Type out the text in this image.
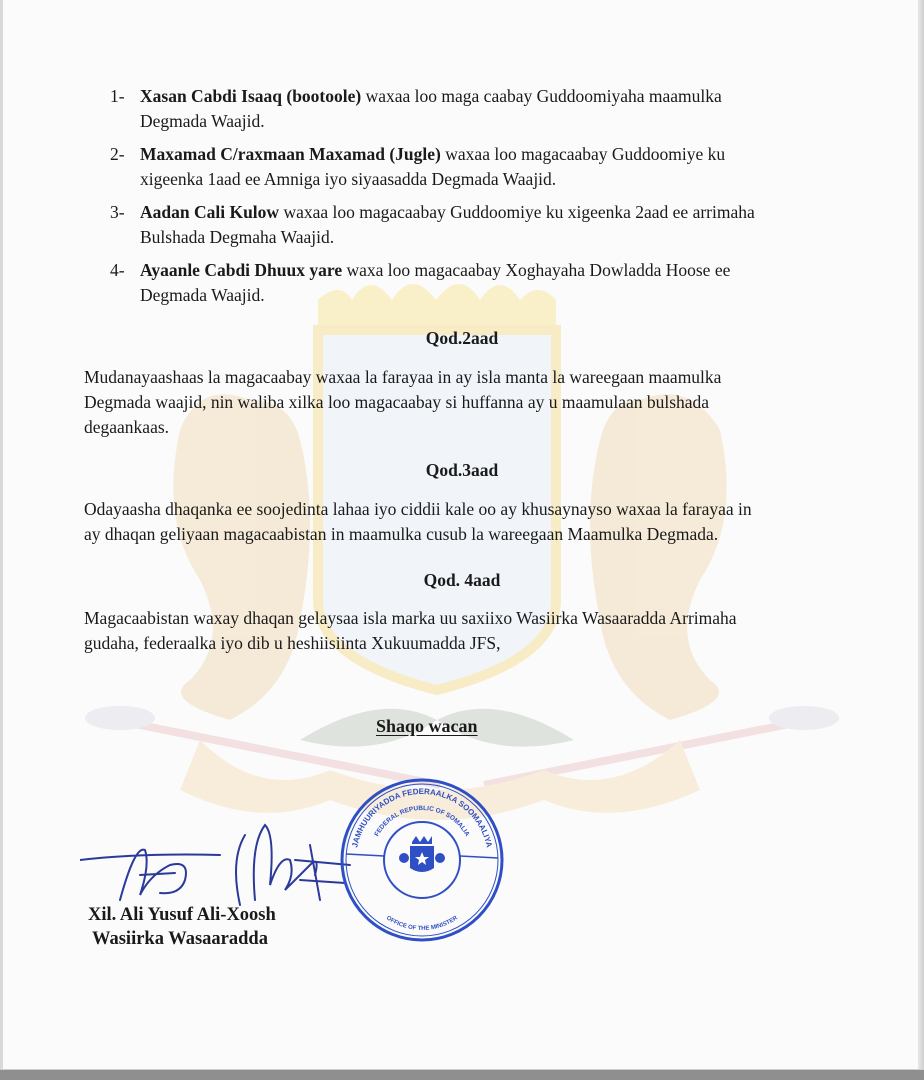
1- Xasan Cabdi Isaaq (bootoole) waxaa loo maga caabay Guddoomiyaha maamulka
Degmada Waajid.
2- Maxamad C/raxmaan Maxamad (Jugle) waxaa loo magacaabay Guddoomiye ku
xigeenka 1aad ee Amniga iyo siyaasadda Degmada Waajid.
3- Aadan Cali Kulow waxaa loo magacaabay Guddoomiye ku xigeenka 2aad ee arrimaha
Bulshada Degmaha Waajid.
4- Ayaanle Cabdi Dhuux yare waxa loo magacaabay Xoghayaha Dowladda Hoose ee
Degmada Waajid.
Qod.2aad
Mudanayaashaas la magacaabay waxaa la farayaa in ay isla manta la wareegaan maamulka
Degmada waajid, nin waliba xilka loo magacaabay si huffanna ay u maamulaan bulshada
degaankaas.
Qod.3aad
Odayaasha dhaqanka ee soojedinta lahaa iyo ciddii kale oo ay khusaynayso waxaa la farayaa in
ay dhaqan geliyaan magacaabistan in maamulka cusub la wareegaan Maamulka Degmada.
Qod. 4aad
Magacaabistan waxay dhaqan gelaysaa isla marka uu saxiixo Wasiirka Wasaaradda Arrimaha
gudaha, federaalka iyo dib u heshiisiinta Xukuumadda JFS,
Shaqo wacan
JAMHUURIYADDA FEDERAALKA SOOMAALIYA
FEDERAL REPUBLIC OF SOMALIA
OFFICE OF THE MINISTER
Xil. Ali Yusuf Ali-Xoosh
Wasiirka Wasaaradda
